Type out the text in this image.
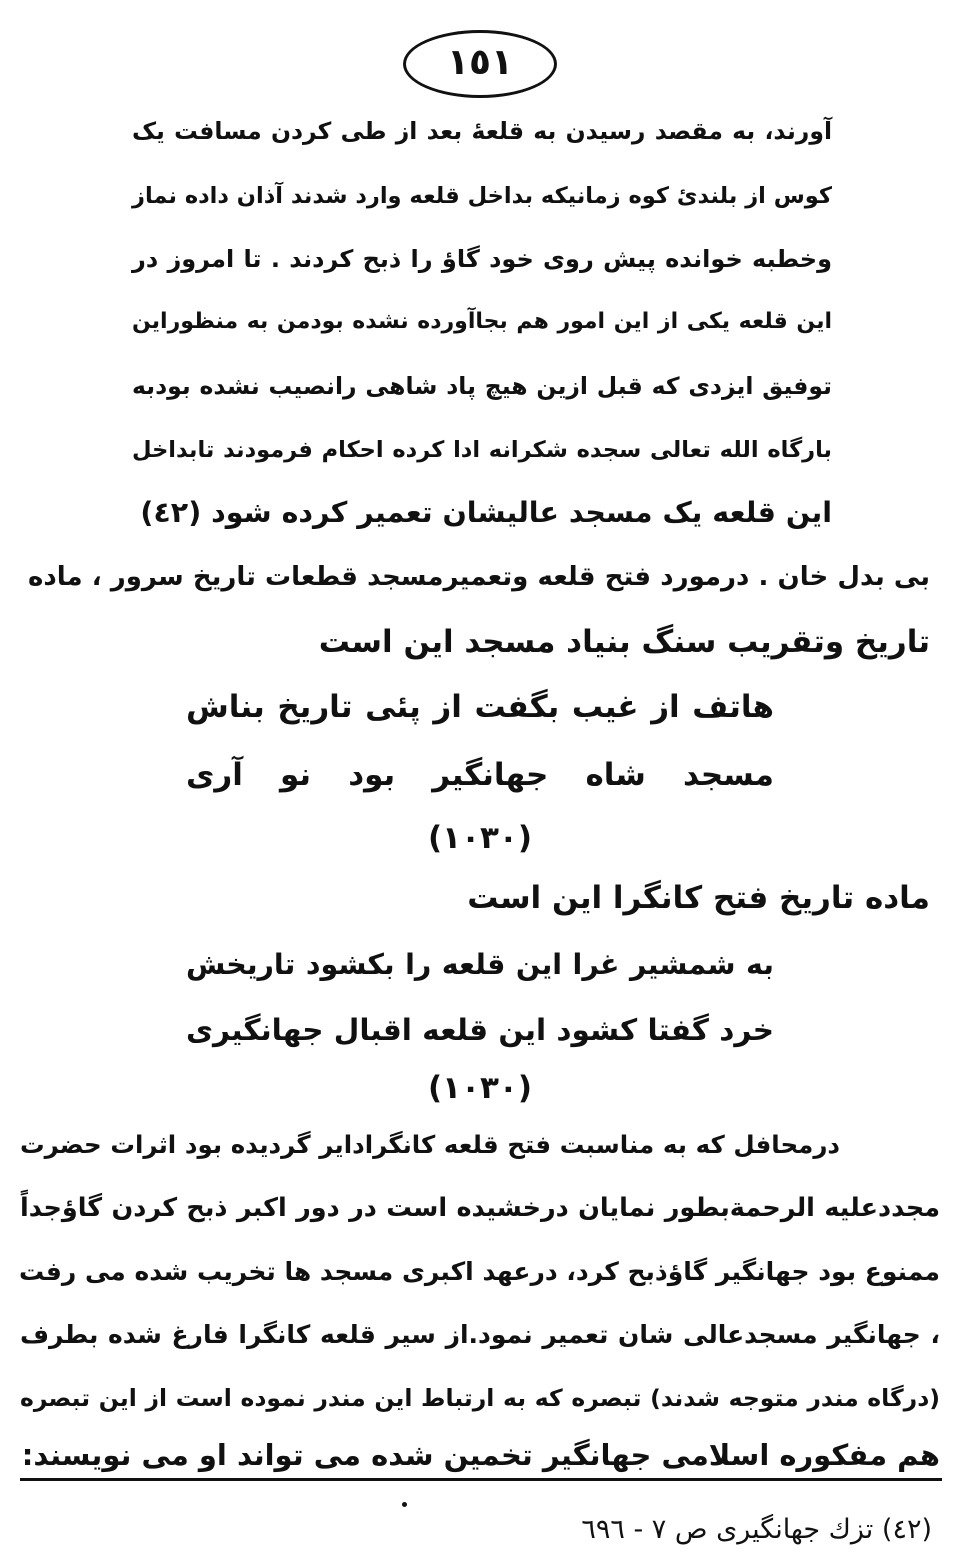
١٥١
آورند، به مقصد رسیدن به قلعهٔ بعد از طی کردن مسافت یک
کوس از بلندئ کوه زمانیکه بداخل قلعه وارد شدند آذان داده نماز
وخطبه خوانده پیش روی خود گاؤ را ذبح کردند . تا امروز در
این قلعه یکی از این امور هم بجاآورده نشده بودمن به منظوراین
توفیق ایزدی که قبل ازین هیچ پاد شاهی رانصیب نشده بودبه
بارگاه الله تعالی سجده شکرانه ادا کرده احکام فرمودند تابداخل
این قلعه یک مسجد عالیشان تعمیر کرده شود (٤٢)
بی بدل خان . درمورد فتح قلعه وتعمیرمسجد قطعات تاریخ سرور ، ماده
تاریخ وتقریب سنگ بنیاد مسجد این است
هاتف از غیب بگفت از پئی تاریخ بناش
مسجد شاه جهانگیر بود نو آری
(١٠٣٠)
ماده تاریخ فتح کانگرا این است
به شمشیر غرا این قلعه را بکشود تاریخش
خرد گفتا کشود این قلعه اقبال جهانگیری
(١٠٣٠)
درمحافل که به مناسبت فتح قلعه کانگرادایر گردیده بود اثرات حضرت
مجددعلیه الرحمةبطور نمایان درخشیده است در دور اکبر ذبح کردن گاؤجداً
ممنوع بود جهانگیر گاؤذبح کرد، درعهد اکبری مسجد ها تخریب شده می رفت
، جهانگیر مسجدعالی شان تعمیر نمود.از سیر قلعه کانگرا فارغ شده بطرف
(درگاه مندر متوجه شدند) تبصره که به ارتباط این مندر نموده است از این تبصره
هم مفکوره اسلامی جهانگیر تخمین شده می تواند او می نویسند:
(٤٢) تزك جهانگیری ص ٧ - ٦٩٦
